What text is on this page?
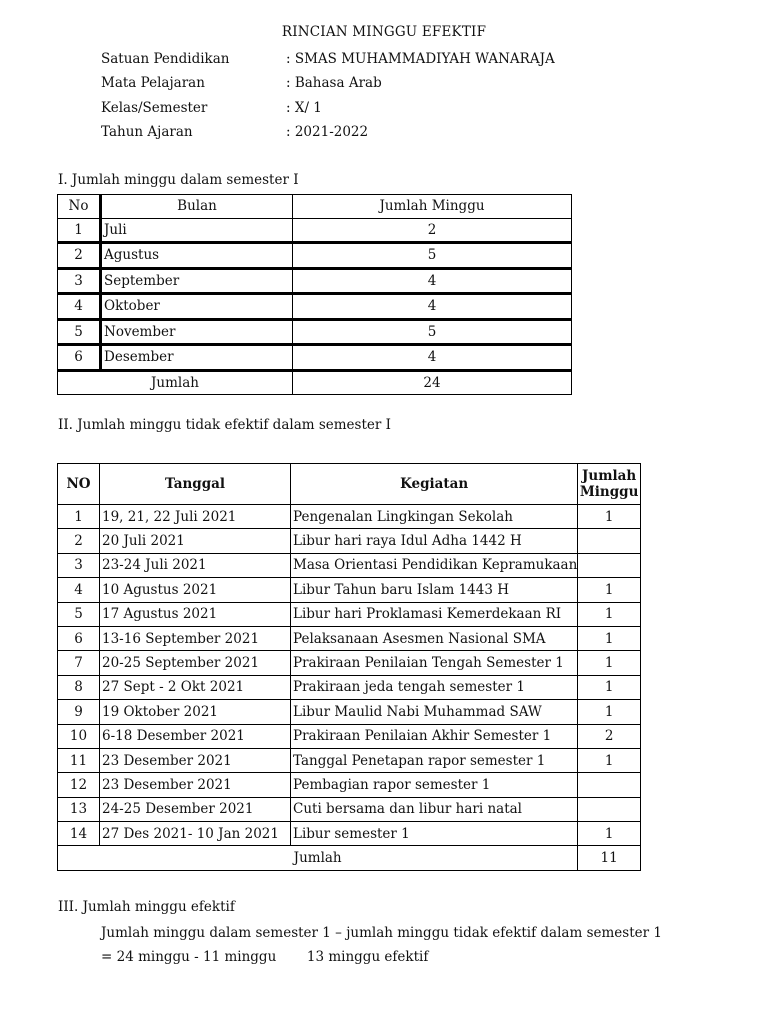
RINCIAN MINGGU EFEKTIF
Satuan Pendidikan	: SMAS MUHAMMADIYAH WANARAJA
Mata Pelajaran	: Bahasa Arab
Kelas/Semester	: X/ 1
Tahun Ajaran	: 2021-2022
I. Jumlah minggu dalam semester I
No	Bulan	Jumlah Minggu
1	Juli	2
2	Agustus	5
3	September	4
4	Oktober	4
5	November	5
6	Desember	4
Jumlah		24
II. Jumlah minggu tidak efektif dalam semester I
NO	Tanggal	Kegiatan	Jumlah
Minggu
1	19, 21, 22 Juli 2021	Pengenalan Lingkingan Sekolah	1
2	20 Juli 2021	Libur hari raya Idul Adha 1442 H	
3	23-24 Juli 2021	Masa Orientasi Pendidikan Kepramukaan	
4	10 Agustus 2021	Libur Tahun baru Islam 1443 H	1
5	17 Agustus 2021	Libur hari Proklamasi Kemerdekaan RI	1
6	13-16 September 2021	Pelaksanaan Asesmen Nasional SMA	1
7	20-25 September 2021	Prakiraan Penilaian Tengah Semester 1	1
8	27 Sept - 2 Okt 2021	Prakiraan jeda tengah semester 1	1
9	19 Oktober 2021	Libur Maulid Nabi Muhammad SAW	1
10	6-18 Desember 2021	Prakiraan Penilaian Akhir Semester 1	2
11	23 Desember 2021	Tanggal Penetapan rapor semester 1	1
12	23 Desember 2021	Pembagian rapor semester 1	
13	24-25 Desember 2021	Cuti bersama dan libur hari natal	
14	27 Des 2021- 10 Jan 2021	Libur semester 1	1
Jumlah			11
III. Jumlah minggu efektif
Jumlah minggu dalam semester 1 – jumlah minggu tidak efektif dalam semester 1
= 24 minggu - 11 minggu 13 minggu efektif
